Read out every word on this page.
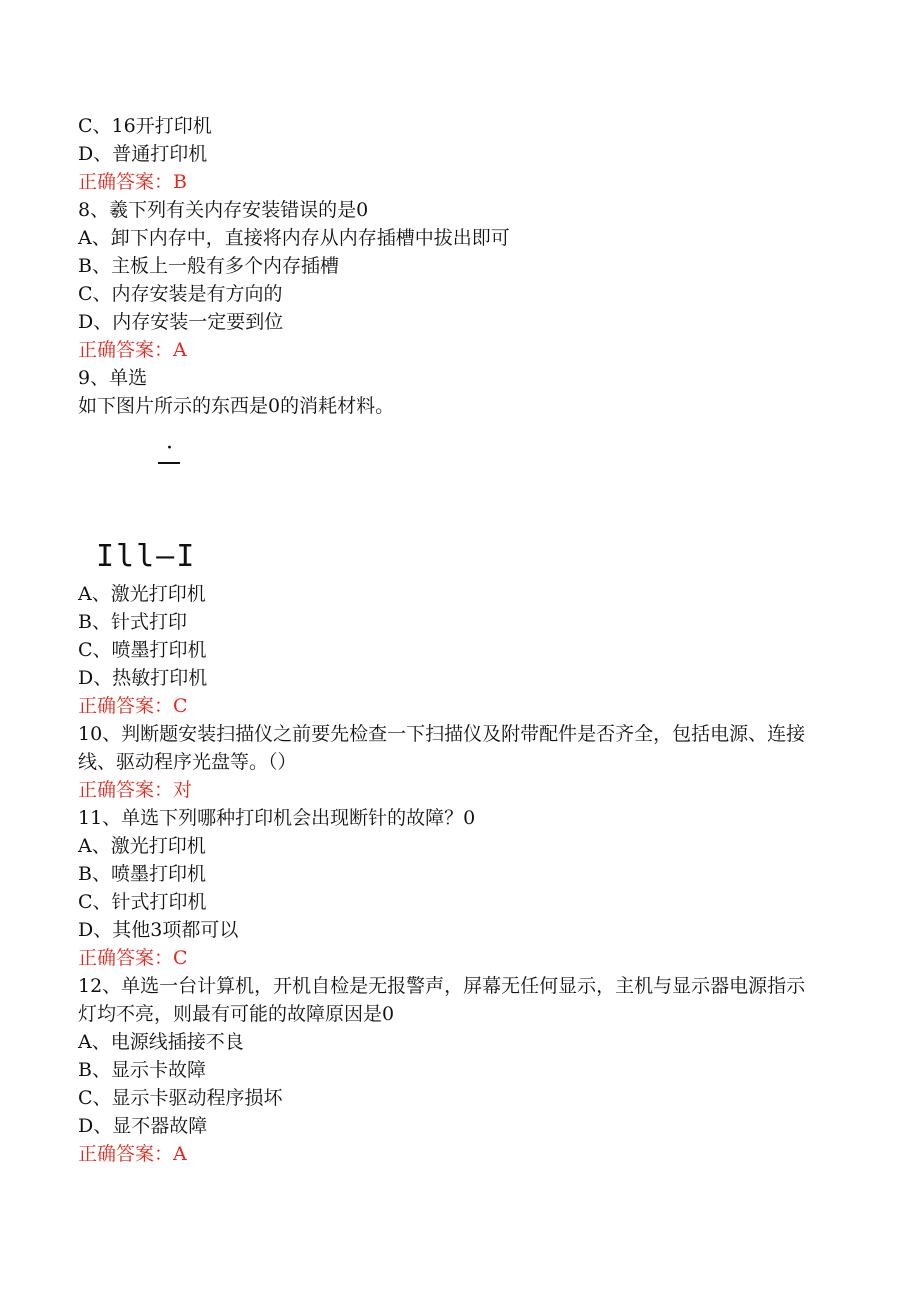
C、16开打印机
D、普通打印机
正确答案：B
8、羲下列有关内存安装错误的是0
A、卸下内存中，直接将内存从内存插槽中拔出即可
B、主板上一般有多个内存插槽
C、内存安装是有方向的
D、内存安装一定要到位
正确答案：A
9、单选
如下图片所示的东西是0的消耗材料。
·
Ill—I
A、激光打印机
B、针式打印
C、喷墨打印机
D、热敏打印机
正确答案：C
10、判断题安装扫描仪之前要先检查一下扫描仪及附带配件是否齐全，包括电源、连接线、驱动程序光盘等。（）
正确答案：对
11、单选下列哪种打印机会出现断针的故障？0
A、激光打印机
B、喷墨打印机
C、针式打印机
D、其他3项都可以
正确答案：C
12、单选一台计算机，开机自检是无报警声，屏幕无任何显示，主机与显示器电源指示灯均不亮，则最有可能的故障原因是0
A、电源线插接不良
B、显示卡故障
C、显示卡驱动程序损坏
D、显不器故障
正确答案：A
